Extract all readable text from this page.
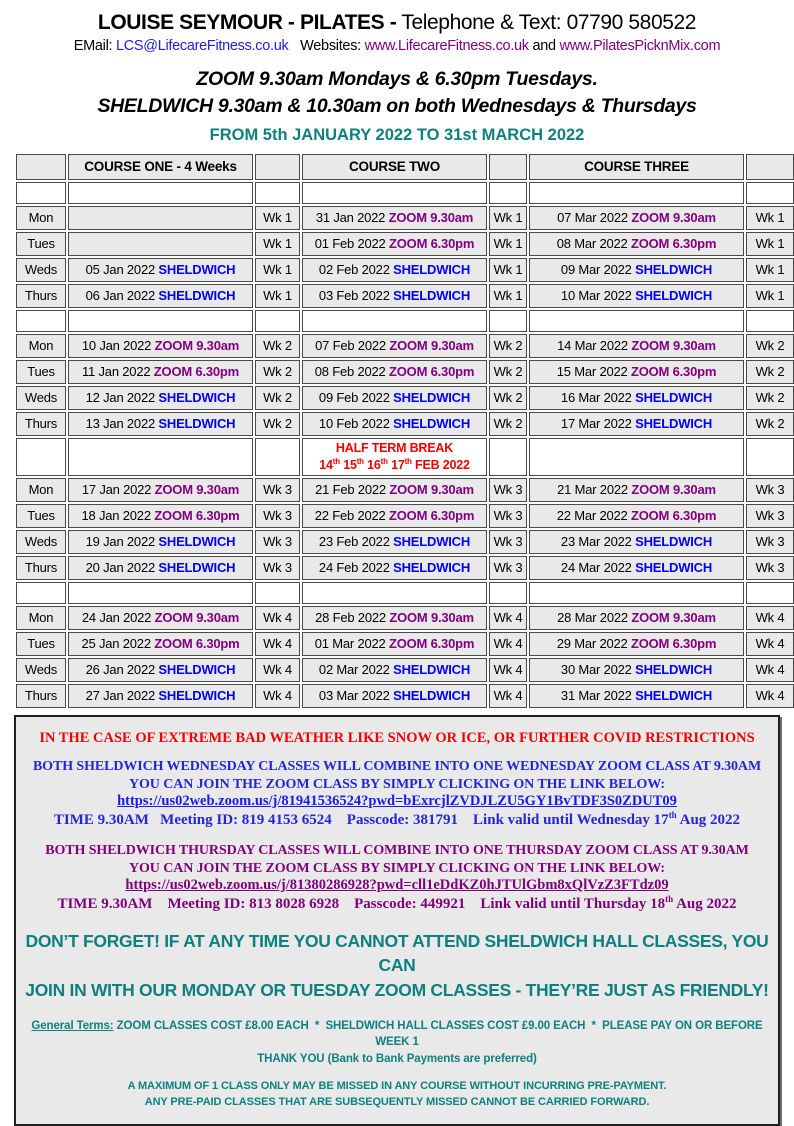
LOUISE SEYMOUR - PILATES - Telephone & Text: 07790 580522
EMail: LCS@LifecareFitness.co.uk Websites: www.LifecareFitness.co.uk and www.PilatesPicknMix.com
ZOOM 9.30am Mondays & 6.30pm Tuesdays.
SHELDWICH 9.30am & 10.30am on both Wednesdays & Thursdays
FROM 5th JANUARY 2022 TO 31st MARCH 2022
	COURSE ONE - 4 Weeks		COURSE TWO		COURSE THREE	

Mon		Wk 1	31 Jan 2022 ZOOM 9.30am	Wk 1	07 Mar 2022 ZOOM 9.30am	Wk 1
Tues		Wk 1	01 Feb 2022 ZOOM 6.30pm	Wk 1	08 Mar 2022 ZOOM 6.30pm	Wk 1
Weds	05 Jan 2022 SHELDWICH	Wk 1	02 Feb 2022 SHELDWICH	Wk 1	09 Mar 2022 SHELDWICH	Wk 1
Thurs	06 Jan 2022 SHELDWICH	Wk 1	03 Feb 2022 SHELDWICH	Wk 1	10 Mar 2022 SHELDWICH	Wk 1

Mon	10 Jan 2022 ZOOM 9.30am	Wk 2	07 Feb 2022 ZOOM 9.30am	Wk 2	14 Mar 2022 ZOOM 9.30am	Wk 2
Tues	11 Jan 2022 ZOOM 6.30pm	Wk 2	08 Feb 2022 ZOOM 6.30pm	Wk 2	15 Mar 2022 ZOOM 6.30pm	Wk 2
Weds	12 Jan 2022 SHELDWICH	Wk 2	09 Feb 2022 SHELDWICH	Wk 2	16 Mar 2022 SHELDWICH	Wk 2
Thurs	13 Jan 2022 SHELDWICH	Wk 2	10 Feb 2022 SHELDWICH	Wk 2	17 Mar 2022 SHELDWICH	Wk 2

			HALF TERM BREAK
14th 15th 16th 17th FEB 2022			

Mon	17 Jan 2022 ZOOM 9.30am	Wk 3	21 Feb 2022 ZOOM 9.30am	Wk 3	21 Mar 2022 ZOOM 9.30am	Wk 3
Tues	18 Jan 2022 ZOOM 6.30pm	Wk 3	22 Feb 2022 ZOOM 6.30pm	Wk 3	22 Mar 2022 ZOOM 6.30pm	Wk 3
Weds	19 Jan 2022 SHELDWICH	Wk 3	23 Feb 2022 SHELDWICH	Wk 3	23 Mar 2022 SHELDWICH	Wk 3
Thurs	20 Jan 2022 SHELDWICH	Wk 3	24 Feb 2022 SHELDWICH	Wk 3	24 Mar 2022 SHELDWICH	Wk 3

Mon	24 Jan 2022 ZOOM 9.30am	Wk 4	28 Feb 2022 ZOOM 9.30am	Wk 4	28 Mar 2022 ZOOM 9.30am	Wk 4
Tues	25 Jan 2022 ZOOM 6.30pm	Wk 4	01 Mar 2022 ZOOM 6.30pm	Wk 4	29 Mar 2022 ZOOM 6.30pm	Wk 4
Weds	26 Jan 2022 SHELDWICH	Wk 4	02 Mar 2022 SHELDWICH	Wk 4	30 Mar 2022 SHELDWICH	Wk 4
Thurs	27 Jan 2022 SHELDWICH	Wk 4	03 Mar 2022 SHELDWICH	Wk 4	31 Mar 2022 SHELDWICH	Wk 4

IN THE CASE OF EXTREME BAD WEATHER LIKE SNOW OR ICE, OR FURTHER COVID RESTRICTIONS

BOTH SHELDWICH WEDNESDAY CLASSES WILL COMBINE INTO ONE WEDNESDAY ZOOM CLASS AT 9.30AM

YOU CAN JOIN THE ZOOM CLASS BY SIMPLY CLICKING ON THE LINK BELOW:

https://us02web.zoom.us/j/81941536524?pwd=bExrcjlZVDJLZU5GY1BvTDF3S0ZDUT09

TIME 9.30AM   Meeting ID: 819 4153 6524    Passcode: 381791    Link valid until Wednesday 17th Aug 2022

BOTH SHELDWICH THURSDAY CLASSES WILL COMBINE INTO ONE THURSDAY ZOOM CLASS AT 9.30AM

YOU CAN JOIN THE ZOOM CLASS BY SIMPLY CLICKING ON THE LINK BELOW:

https://us02web.zoom.us/j/81380286928?pwd=cll1eDdKZ0hJTUlGbm8xQlVzZ3FTdz09

TIME 9.30AM    Meeting ID: 813 8028 6928    Passcode: 449921    Link valid until Thursday 18th Aug 2022

DON’T FORGET! IF AT ANY TIME YOU CANNOT ATTEND SHELDWICH HALL CLASSES, YOU CAN
JOIN IN WITH OUR MONDAY OR TUESDAY ZOOM CLASSES - THEY’RE JUST AS FRIENDLY!

General Terms: ZOOM CLASSES COST £8.00 EACH  *  SHELDWICH HALL CLASSES COST £9.00 EACH  *  PLEASE PAY ON OR BEFORE WEEK 1
THANK YOU (Bank to Bank Payments are preferred)

A MAXIMUM OF 1 CLASS ONLY MAY BE MISSED IN ANY COURSE WITHOUT INCURRING PRE-PAYMENT.
ANY PRE-PAID CLASSES THAT ARE SUBSEQUENTLY MISSED CANNOT BE CARRIED FORWARD.
